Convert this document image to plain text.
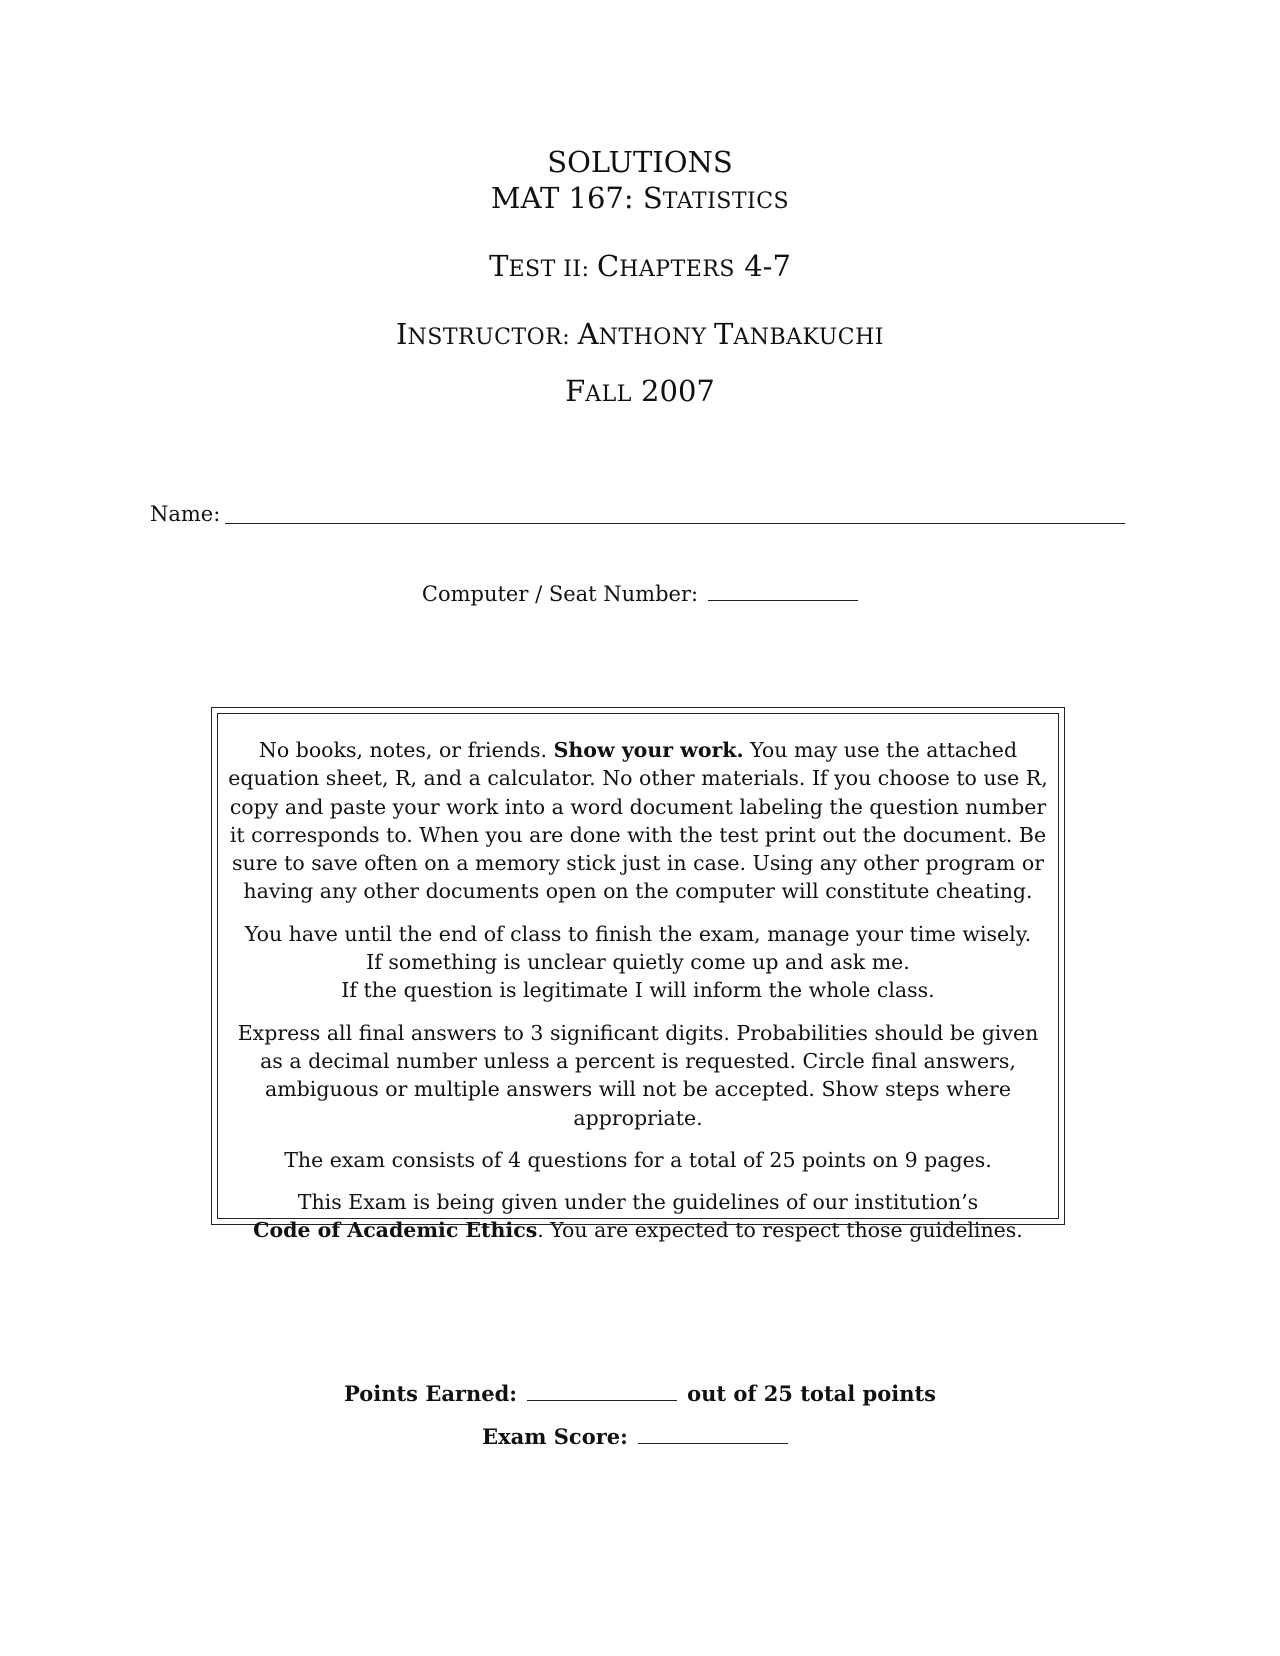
SOLUTIONS
MAT 167: STATISTICS
TEST II: CHAPTERS 4-7
INSTRUCTOR: ANTHONY TANBAKUCHI
FALL 2007
Name:
Computer / Seat Number:

No books, notes, or friends. Show your work. You may use the attached equation sheet, R, and a calculator. No other materials. If you choose to use R, copy and paste your work into a word document labeling the question number it corresponds to. When you are done with the test print out the document. Be sure to save often on a memory stick just in case. Using any other program or having any other documents open on the computer will constitute cheating.

You have until the end of class to finish the exam, manage your time wisely.
If something is unclear quietly come up and ask me.
If the question is legitimate I will inform the whole class.

Express all final answers to 3 significant digits. Probabilities should be given as a decimal number unless a percent is requested. Circle final answers, ambiguous or multiple answers will not be accepted. Show steps where appropriate.

The exam consists of 4 questions for a total of 25 points on 9 pages.

This Exam is being given under the guidelines of our institution’s
Code of Academic Ethics. You are expected to respect those guidelines.

Points Earned:	out of 25 total points
Exam Score:
